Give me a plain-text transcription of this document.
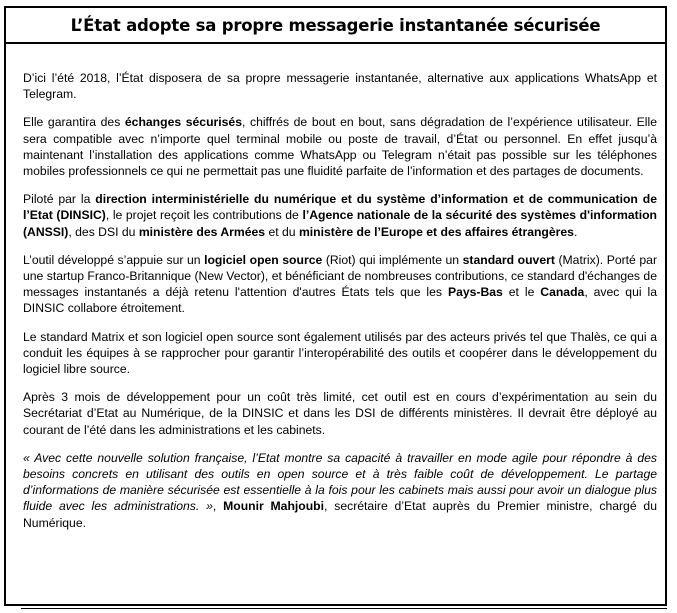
L’État adopte sa propre messagerie instantanée sécurisée

D’ici l’été 2018, l’État disposera de sa propre messagerie instantanée, alternative aux applications WhatsApp et Telegram.

Elle garantira des échanges sécurisés, chiffrés de bout en bout, sans dégradation de l’expérience utilisateur. Elle sera compatible avec n’importe quel terminal mobile ou poste de travail, d’État ou personnel. En effet jusqu’à maintenant l’installation des applications comme WhatsApp ou Telegram n’était pas possible sur les téléphones mobiles professionnels ce qui ne permettait pas une fluidité parfaite de l’information et des partages de documents.

Piloté par la direction interministérielle du numérique et du système d’information et de communication de l’Etat (DINSIC), le projet reçoit les contributions de l’Agence nationale de la sécurité des systèmes d'information (ANSSI), des DSI du ministère des Armées et du ministère de l’Europe et des affaires étrangères.

L’outil développé s’appuie sur un logiciel open source (Riot) qui implémente un standard ouvert (Matrix). Porté par une startup Franco-Britannique (New Vector), et bénéficiant de nombreuses contributions, ce standard d'échanges de messages instantanés a déjà retenu l'attention d'autres États tels que les Pays-Bas et le Canada, avec qui la DINSIC collabore étroitement.

Le standard Matrix et son logiciel open source sont également utilisés par des acteurs privés tel que Thalès, ce qui a conduit les équipes à se rapprocher pour garantir l’interopérabilité des outils et coopérer dans le développement du logiciel libre source.

Après 3 mois de développement pour un coût très limité, cet outil est en cours d’expérimentation au sein du Secrétariat d’Etat au Numérique, de la DINSIC et dans les DSI de différents ministères. Il devrait être déployé au courant de l’été dans les administrations et les cabinets.

« Avec cette nouvelle solution française, l’Etat montre sa capacité à travailler en mode agile pour répondre à des besoins concrets en utilisant des outils en open source et à très faible coût de développement. Le partage d’informations de manière sécurisée est essentielle à la fois pour les cabinets mais aussi pour avoir un dialogue plus fluide avec les administrations. », Mounir Mahjoubi, secrétaire d’Etat auprès du Premier ministre, chargé du Numérique.
